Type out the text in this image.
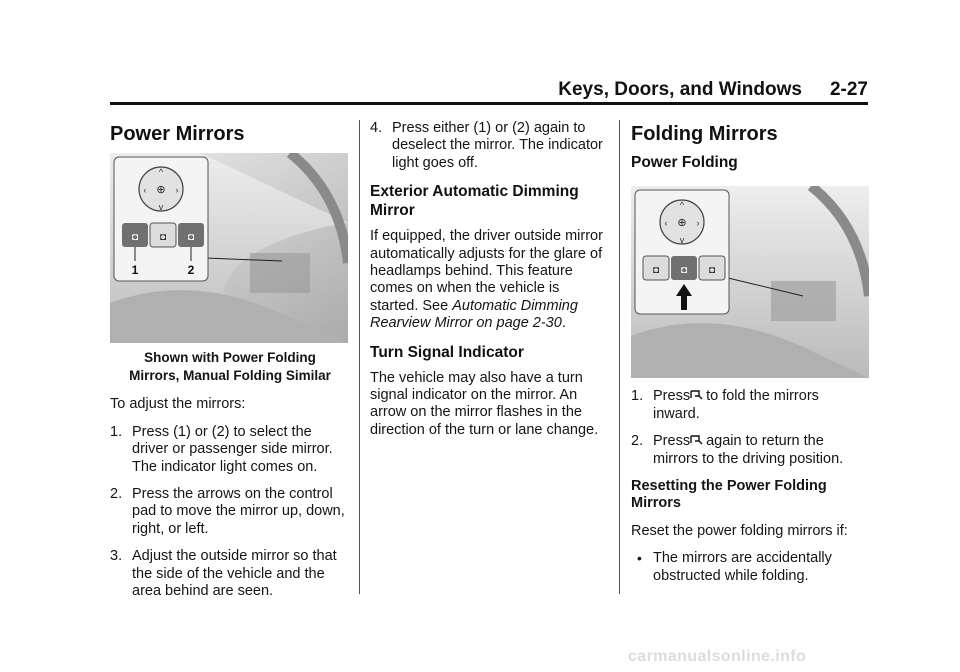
Keys, Doors, and Windows 2-27
Power Mirrors
⊕
^
v
‹	›
◘ ◘ ◘
1	2
Shown with Power Folding
Mirrors, Manual Folding Similar

To adjust the mirrors:

1. Press (1) or (2) to select the driver or passenger side mirror. The indicator light comes on.
2. Press the arrows on the control pad to move the mirror up, down, right, or left.
3. Adjust the outside mirror so that the side of the vehicle and the area behind are seen.
4. Press either (1) or (2) again to deselect the mirror. The indicator light goes off.
Exterior Automatic Dimming Mirror

If equipped, the driver outside mirror automatically adjusts for the glare of headlamps behind. This feature comes on when the vehicle is started. See Automatic Dimming Rearview Mirror on page 2-30.

Turn Signal Indicator

The vehicle may also have a turn signal indicator on the mirror. An arrow on the mirror flashes in the direction of the turn or lane change.

Folding Mirrors
Power Folding
⊕
^
v
‹	›
◘ ◘ ◘
1. Press to fold the mirrors inward.
2. Press again to return the mirrors to the driving position.
Resetting the Power Folding Mirrors

Reset the power folding mirrors if:

• The mirrors are accidentally obstructed while folding.
carmanualsonline.info
